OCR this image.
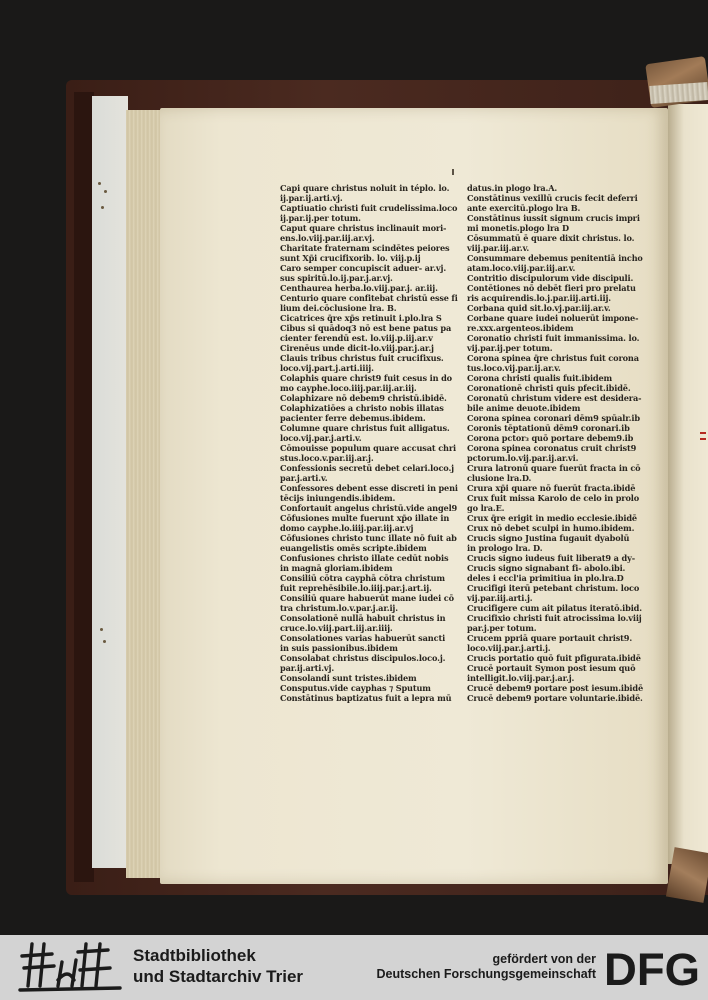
Capi quare christus noluit in téplo. lo.
ij.par.ij.arti.vj.
Captiuatio christi fuit crudelissima.loco
ij.par.ij.per totum.
Caput quare christus inclinauit mori-
ens.lo.viij.par.iij.ar.vj.
Charitate fraternam scindētes peiores
sunt Xp̄i crucifixorib. lo. viij.p.ij
Caro semper concupiscit aduer- ar.vj.
sus spiritū.lo.ij.par.j.ar.vj.
Centhaurea herba.lo.viij.par.j. ar.iij.
Centurio quare confitebat christū esse fi
lium dei.cōclusione lra. B.
Cicatrices q̄re xp̄s retinuit i.plo.lra S
Cibus si quādoq3 nō est bene patus pa
cienter ferendū est. lo.viij.p.iij.ar.v
Cirenēus unde dicit-lo.viij.par.j.ar.j
Clauis tribus christus fuit crucifixus.
loco.vij.part.j.arti.iiij.
Colaphis quare christ9 fuit cesus in do
mo cayphe.loco.iiij.par.iij.ar.iij.
Colaphizare nō debem9 christū.ibidē.
Colaphizatiōes a christo nobis illatas
pacienter ferre debemus.ibidem.
Columne quare christus fuit alligatus.
loco.vij.par.j.arti.v.
Cōmouisse populum quare accusat chri
stus.loco.v.par.iij.ar.j.
Confessionis secretū debet celari.loco.j
par.j.arti.v.
Confessores debent esse discreti in peni
tēcijs iniungendis.ibidem.
Confortauit angelus christū.vide angel9
Cōfusiones multe fuerunt xp̄o illate in
domo cayphe.lo.iiij.par.iij.ar.vj
Cōfusiones christo tunc illate nō fuit ab
euangelistis omēs scripte.ibidem
Confusiones christo illate cedūt nobis
in magnā gloriam.ibidem
Consiliū cōtra cayphā cōtra christum
fuit reprehēsibile.lo.iiij.par.j.art.ij.
Consiliū quare habuerūt mane iudei cō
tra christum.lo.v.par.j.ar.ij.
Consolationē nullā habuit christus in
cruce.lo.viij.part.iij.ar.iiij.
Consolationes varias habuerūt sancti
in suis passionibus.ibidem
Consolabat christus discipulos.loco.j.
par.ij.arti.vj.
Consolandi sunt tristes.ibidem
Consputus.vide cayphas ⁊ Sputum
Constātinus baptizatus fuit a lepra mū
datus.in plogo lra.A.
Constātinus vexillū crucis fecit deferri
ante exercitū.plogo lra B.
Constātinus iussit signum crucis impri
mi monetis.plogo lra D
Cōsummatū ē quare dixit christus. lo.
viij.par.iij.ar.v.
Consummare debemus penitentiā incho
atam.loco.viij.par.iij.ar.v.
Contritio discipulorum vide discipuli.
Contētiones nō debēt fieri pro prelatu
ris acquirendis.lo.j.par.iij.arti.iij.
Corbana quid sit.lo.vj.par.iij.ar.v.
Corbane quare iudei noluerūt impone-
re.xxx.argenteos.ibidem
Coronatio christi fuit immanissima. lo.
vij.par.ij.per totum.
Corona spinea q̄re christus fuit corona
tus.loco.vij.par.ij.ar.v.
Corona christi qualis fuit.ibidem
Coronationē christi quis pfecit.ibidē.
Coronatū christum videre est desidera-
bile anime deuote.ibidem
Corona spinea coronari dēm9 spūalr.ib
Coronis tēptationū dēm9 coronari.ib
Corona pctor₃ quō portare debem9.ib
Corona spinea coronatus cruit christ9
pctorum.lo.vij.par.ij.ar.vi.
Crura latronū quare fuerūt fracta in cō
clusione lra.D.
Crura xp̄i quare nō fuerūt fracta.ibidē
Crux fuit missa Karolo de celo in prolo
go lra.E.
Crux q̄re erigit in medio ecclesie.ibidē
Crux nō debet sculpi in humo.ibidem.
Crucis signo Justina fugauit dyabolū
in prologo lra. D.
Crucis signo iudeus fuit liberat9 a dy-
Crucis signo signabant fi- abolo.ibi.
deles i eccl'ia primitiua in plo.lra.D
Crucifigi iterū petebant christum. loco
vij.par.iij.arti.j.
Crucifigere cum ait pilatus iteratō.ibid.
Crucifixio christi fuit atrocissima lo.viij
par.j.per totum.
Crucem ppriā quare portauit christ9.
loco.viij.par.j.arti.j.
Crucis portatio quō fuit pfigurata.ibidē
Crucē portauit Symon post iesum quō
intelligit.lo.viij.par.j.ar.j.
Crucē debem9 portare post iesum.ibidē
Crucē debem9 portare voluntarie.ibidē.
Stadtbibliothek
und Stadtarchiv Trier
gefördert von der
Deutschen Forschungsgemeinschaft DFG
